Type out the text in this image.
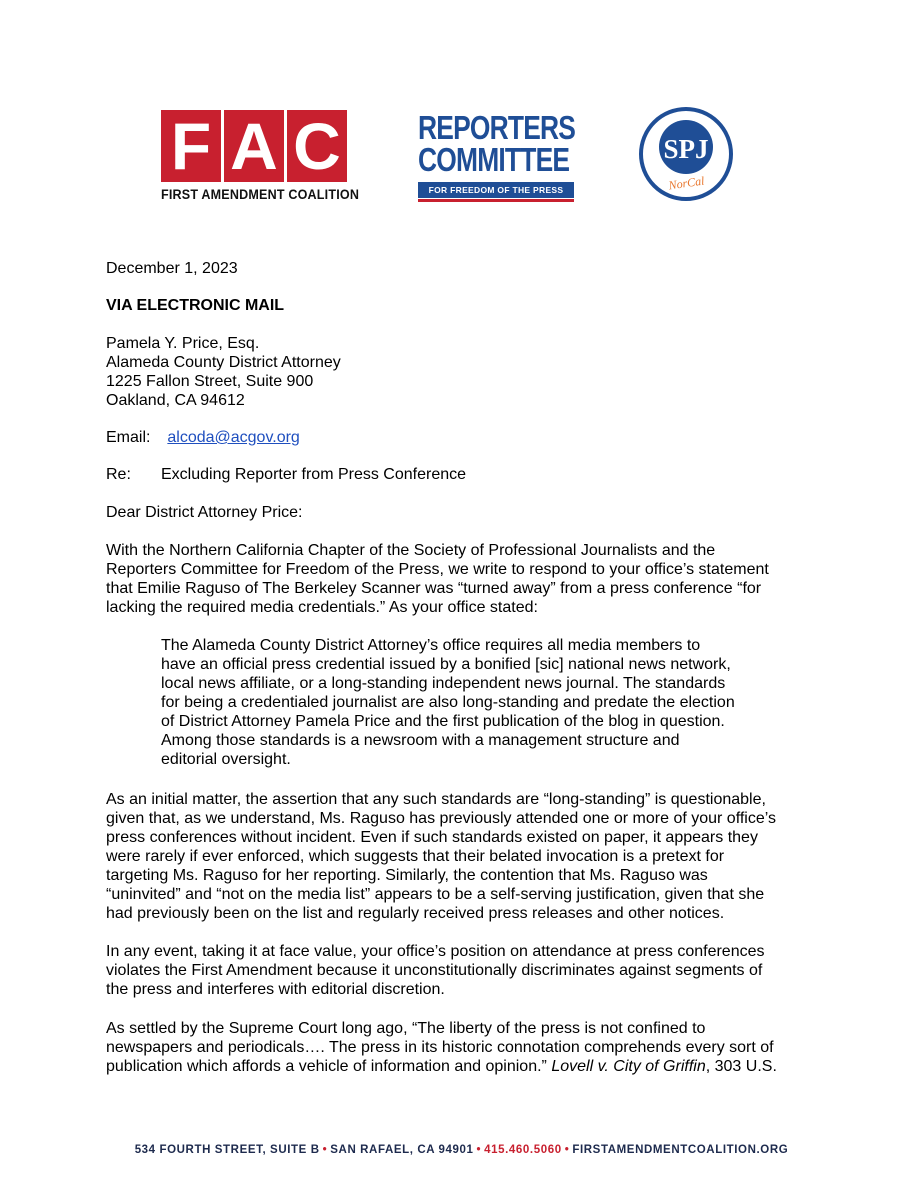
F A C
FIRST AMENDMENT COALITION
REPORTERS
COMMITTEE
FOR FREEDOM OF THE PRESS
SPJ
NorCal
December 1, 2023
VIA ELECTRONIC MAIL
Pamela Y. Price, Esq.
Alameda County District Attorney
1225 Fallon Street, Suite 900
Oakland, CA 94612
Email: alcoda@acgov.org
Re: Excluding Reporter from Press Conference
Dear District Attorney Price:
With the Northern California Chapter of the Society of Professional Journalists and the
Reporters Committee for Freedom of the Press, we write to respond to your office’s statement
that Emilie Raguso of The Berkeley Scanner was “turned away” from a press conference “for
lacking the required media credentials.” As your office stated:
The Alameda County District Attorney’s office requires all media members to
have an official press credential issued by a bonified [sic] national news network,
local news affiliate, or a long-standing independent news journal. The standards
for being a credentialed journalist are also long-standing and predate the election
of District Attorney Pamela Price and the first publication of the blog in question.
Among those standards is a newsroom with a management structure and
editorial oversight.
As an initial matter, the assertion that any such standards are “long-standing” is questionable,
given that, as we understand, Ms. Raguso has previously attended one or more of your office’s
press conferences without incident. Even if such standards existed on paper, it appears they
were rarely if ever enforced, which suggests that their belated invocation is a pretext for
targeting Ms. Raguso for her reporting. Similarly, the contention that Ms. Raguso was
“uninvited” and “not on the media list” appears to be a self-serving justification, given that she
had previously been on the list and regularly received press releases and other notices.
In any event, taking it at face value, your office’s position on attendance at press conferences
violates the First Amendment because it unconstitutionally discriminates against segments of
the press and interferes with editorial discretion.
As settled by the Supreme Court long ago, “The liberty of the press is not confined to
newspapers and periodicals…. The press in its historic connotation comprehends every sort of
publication which affords a vehicle of information and opinion.” Lovell v. City of Griffin, 303 U.S.
534 FOURTH STREET, SUITE B • SAN RAFAEL, CA 94901 • 415.460.5060 • FIRSTAMENDMENTCOALITION.ORG
